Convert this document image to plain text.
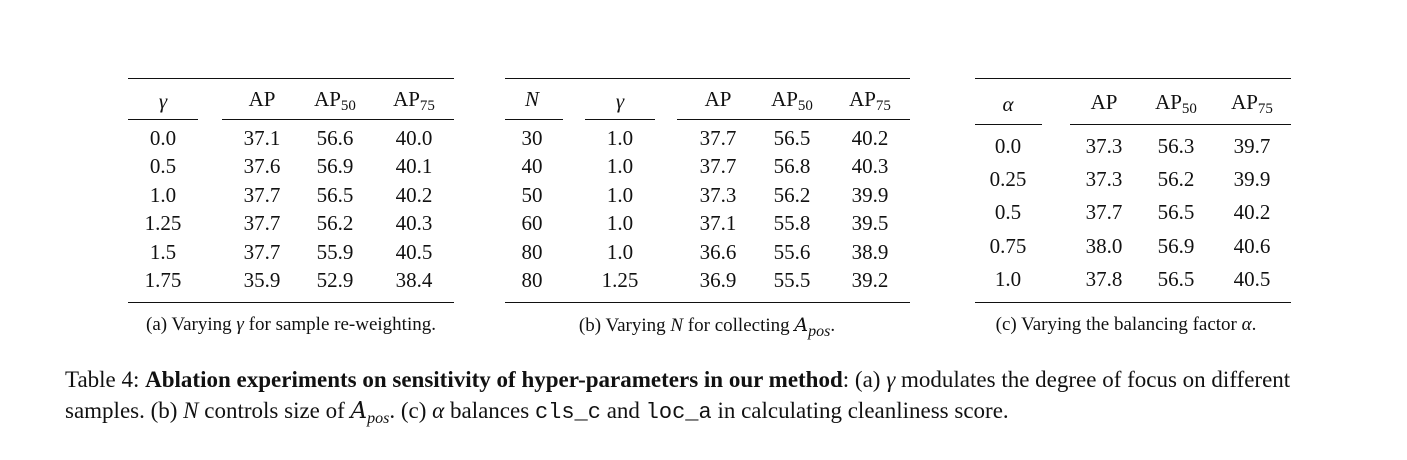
γ	AP $AP_{50}$ $AP_{75}$
0.0	37.1 56.6 40.0
0.5	37.6 56.9 40.1
1.0	37.7 56.5 40.2
1.25	37.7 56.2 40.3
1.5	37.7 55.9 40.5
1.75	35.9 52.9 38.4
(a) Varying γ for sample re-weighting.
N	γ	AP $AP_{50}$ $AP_{75}$
30	1.0	37.7 56.5 40.2
40	1.0	37.7 56.8 40.3
50	1.0	37.3 56.2 39.9
60	1.0	37.1 55.8 39.5
80	1.0	36.6 55.6 38.9
80	1.25	36.9 55.5 39.2
(b) Varying N for collecting $A_{pos}$.
α	AP $AP_{50}$ $AP_{75}$
0.0	37.3 56.3 39.7
0.25	37.3 56.2 39.9
0.5	37.7 56.5 40.2
0.75	38.0 56.9 40.6
1.0	37.8 56.5 40.5
(c) Varying the balancing factor α.
Table 4: Ablation experiments on sensitivity of hyper-parameters in our method: (a) γ modulates the degree of focus on different samples. (b) N controls size of $A_{pos}$. (c) α balances cls_c and loc_a in calculating cleanliness score.
